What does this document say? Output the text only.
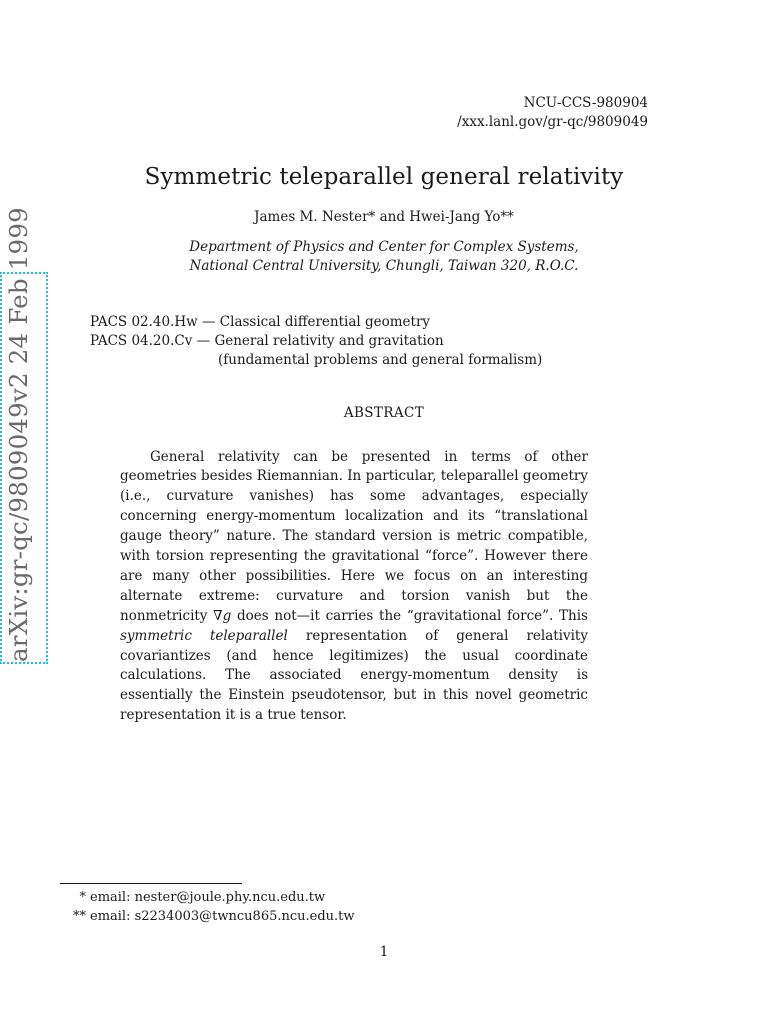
NCU-CCS-980904
/xxx.lanl.gov/gr-qc/9809049
Symmetric teleparallel general relativity
James M. Nester* and Hwei-Jang Yo**
Department of Physics and Center for Complex Systems,
National Central University, Chungli, Taiwan 320, R.O.C.
PACS 02.40.Hw — Classical differential geometry
PACS 04.20.Cv — General relativity and gravitation
(fundamental problems and general formalism)
ABSTRACT

General relativity can be presented in terms of other geometries besides Riemannian. In particular, teleparallel geometry (i.e., curvature vanishes) has some advantages, especially concerning energy-momentum localization and its “translational gauge theory” nature. The standard version is metric compatible, with torsion representing the gravitational “force”. However there are many other possibilities. Here we focus on an interesting alternate extreme: curvature and torsion vanish but the nonmetricity ∇g does not—it carries the “gravitational force”. This symmetric teleparallel representation of general relativity covariantizes (and hence legitimizes) the usual coordinate calculations. The associated energy-momentum density is essentially the Einstein pseudotensor, but in this novel geometric representation it is a true tensor.

arXiv:gr-qc/9809049v2 24 Feb 1999
* email: nester@joule.phy.ncu.edu.tw
** email: s2234003@twncu865.ncu.edu.tw
1
